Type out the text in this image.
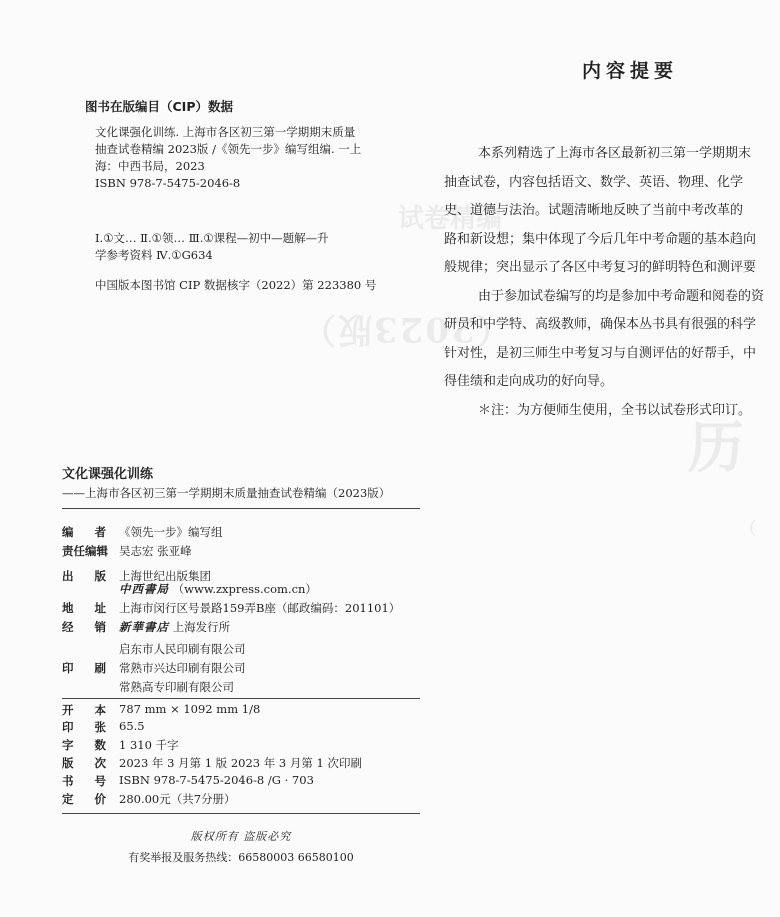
（2023版）
试卷精编
历
（
图书在版编目（CIP）数据
文化课强化训练. 上海市各区初三第一学期期末质量
抽查试卷精编 2023版 /《领先一步》编写组编. 一上
海：中西书局，2023
ISBN 978-7-5475-2046-8
Ⅰ.①文… Ⅱ.①领… Ⅲ.①课程—初中—题解—升
学参考资料 Ⅳ.①G634
中国版本图书馆 CIP 数据核字（2022）第 223380 号
内容提要
本系列精选了上海市各区最新初三第一学期期末
抽查试卷，内容包括语文、数学、英语、物理、化学
史、道德与法治。试题清晰地反映了当前中考改革的
路和新设想；集中体现了今后几年中考命题的基本趋向
般规律；突出显示了各区中考复习的鲜明特色和测评要
由于参加试卷编写的均是参加中考命题和阅卷的资
研员和中学特、高级教师，确保本丛书具有很强的科学
针对性，是初三师生中考复习与自测评估的好帮手，中
得佳绩和走向成功的好向导。
＊注：为方便师生使用，全书以试卷形式印订。
文化课强化训练
——上海市各区初三第一学期期末质量抽查试卷精编（2023版）
编者 《领先一步》编写组
责任编辑 吴志宏 张亚峰
出版 上海世纪出版集团
中西書局 （www.zxpress.com.cn）
地址 上海市闵行区号景路159弄B座（邮政编码：201101）
经销 新華書店 上海发行所
启东市人民印刷有限公司
印刷 常熟市兴达印刷有限公司
常熟高专印刷有限公司
开本 787 mm × 1092 mm 1/8
印张 65.5
字数 1 310 千字
版次 2023 年 3 月第 1 版 2023 年 3 月第 1 次印刷
书号 ISBN 978-7-5475-2046-8 /G · 703
定价 280.00元（共7分册）
版权所有 盗版必究
有奖举报及服务热线：66580003 66580100
